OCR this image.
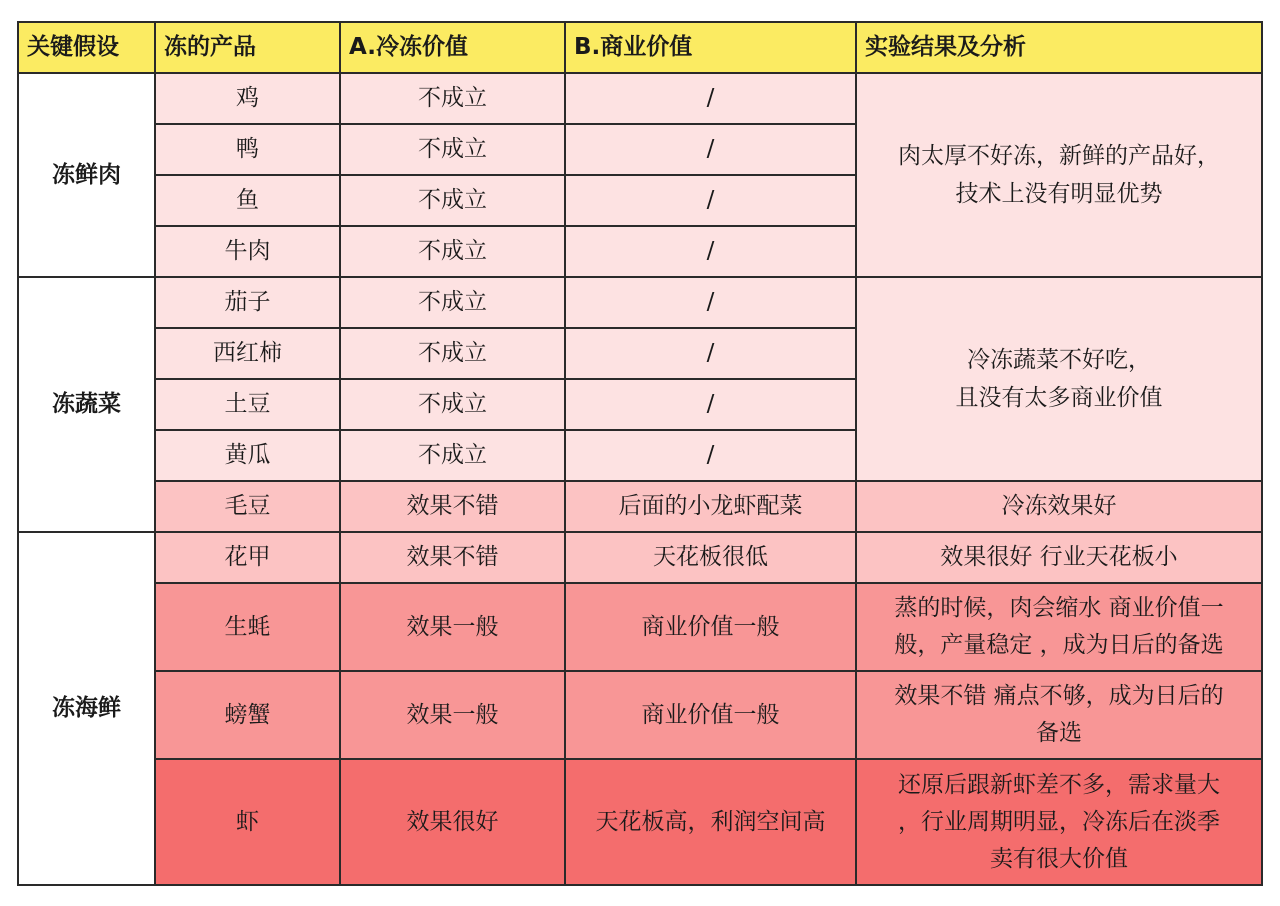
关键假设	冻的产品	A.冷冻价值	B.商业价值	实验结果及分析
冻鲜肉	鸡	不成立	/	肉太厚不好冻，新鲜的产品好，
技术上没有明显优势

	鸭	不成立	/	
	鱼	不成立	/	
	牛肉	不成立	/	
冻蔬菜	茄子	不成立	/	冷冻蔬菜不好吃，
且没有太多商业价值

	西红柿	不成立	/	
	土豆	不成立	/	
	黄瓜	不成立	/	
	毛豆	效果不错	后面的小龙虾配菜	冷冻效果好
冻海鲜	花甲	效果不错	天花板很低	效果很好 行业天花板小
	生蚝	效果一般	商业价值一般	蒸的时候，肉会缩水 商业价值一
般，产量稳定 ，成为日后的备选

	螃蟹	效果一般	商业价值一般	效果不错 痛点不够，成为日后的
备选

	虾	效果很好	天花板高，利润空间高	还原后跟新虾差不多，需求量大
，行业周期明显，冷冻后在淡季
卖有很大价值
